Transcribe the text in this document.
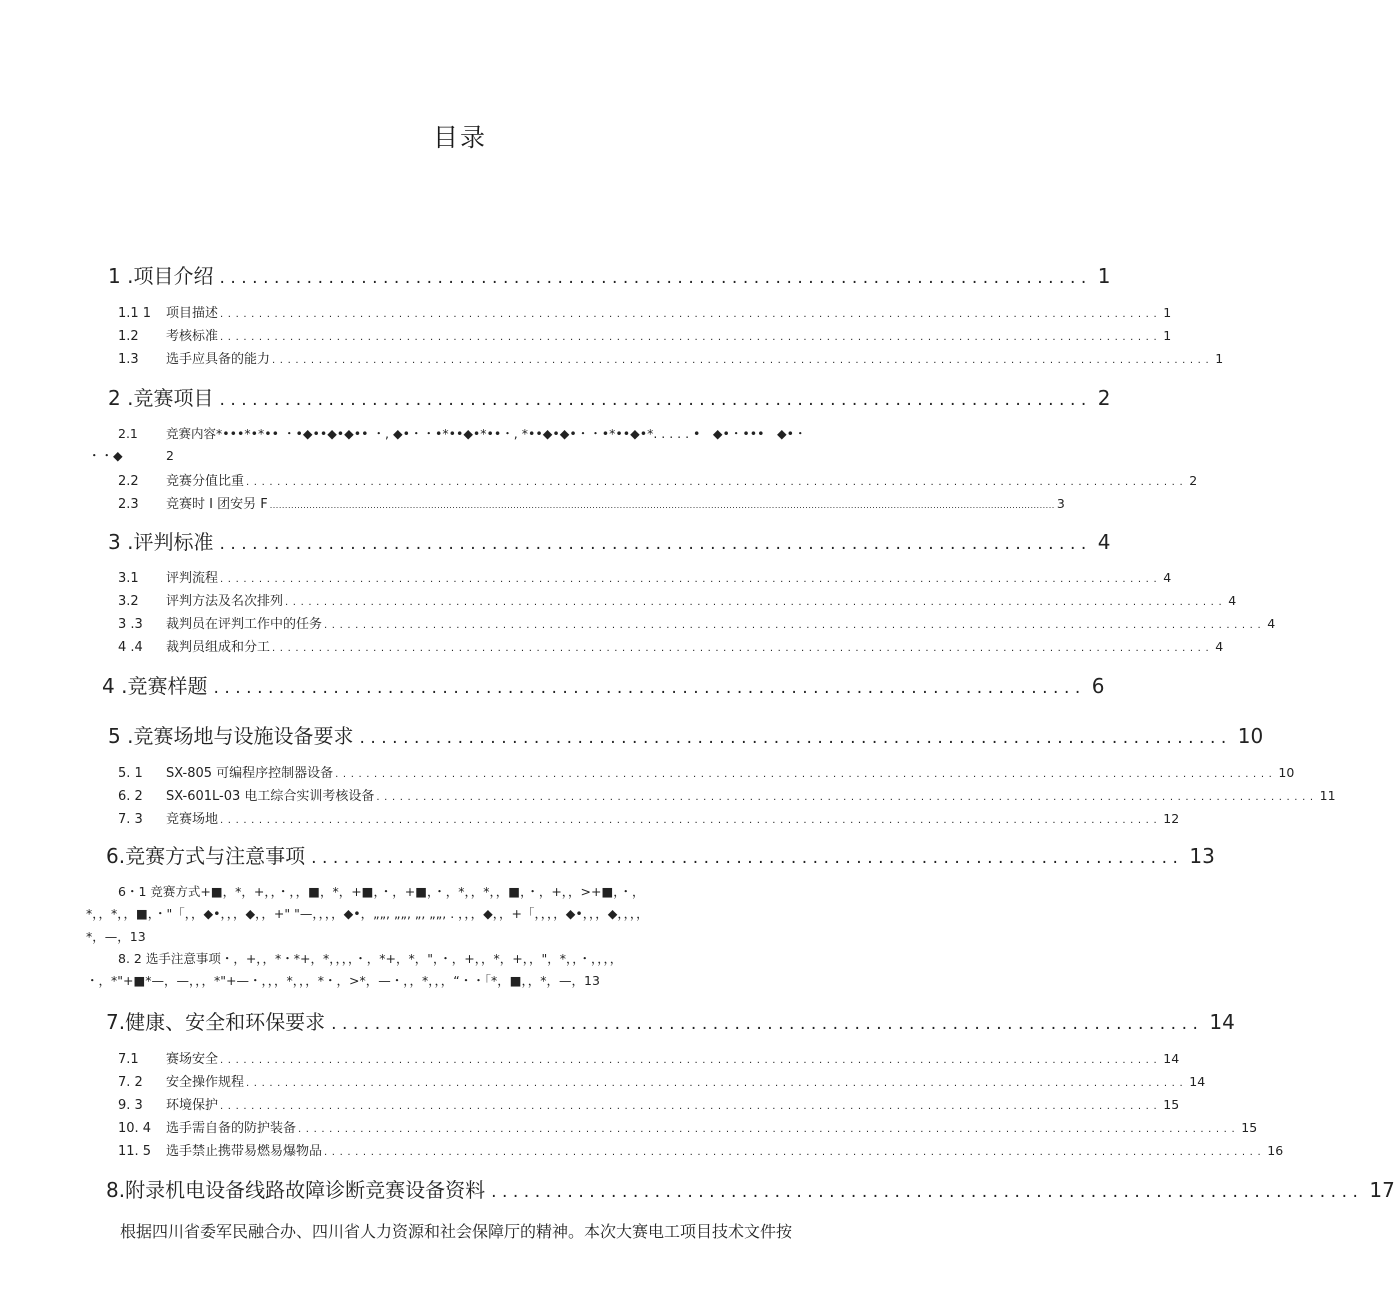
目录
1 .项目介绍 ................................................................................ 1
1.1 1 项目描述 ......................................................................................................................... 1
1.2 考核标准 ......................................................................................................................... 1
1.3 选手应具备的能力 ......................................................................................................................... 1
2 .竞赛项目 ................................................................................ 2
2.1 竞赛内容*•••*•*•• ・•◆••◆•◆•• ・, ◆•・・•*••◆•*••・, *••◆•◆•・・•*••◆•*. . . . . •　◆•・•••　◆•・
・・◆	2
2.2 竞赛分值比重 ......................................................................................................................... 2
2.3 竞赛时 I 团安另 F .................................................................................................................................................................................................................................................................. 3
3 .评判标准 ................................................................................ 4
3.1 评判流程 ......................................................................................................................... 4
3.2 评判方法及名次排列 ......................................................................................................................... 4
3 .3 裁判员在评判工作中的任务 ......................................................................................................................... 4
4 .4 裁判员组成和分工 ......................................................................................................................... 4
4 .竞赛样题 ................................................................................ 6
5 .竞赛场地与设施设备要求 ................................................................................ 10
5. 1 SX-805 可编程序控制器设备 ......................................................................................................................... 10
6. 2 SX-601L-03 电工综合实训考核设备 ......................................................................................................................... 11
7. 3 竞赛场地 ......................................................................................................................... 12
6.竞赛方式与注意事项 ................................................................................ 13
6・1 竞赛方式+■，*，+，，・，，■，*，+■，・，+■，・，*，，*，，■，・，+，，>+■，・，
*，，*，，■，・"「，，◆•，，，◆，，+" "—，，，，◆•，„„, „„, „, „„, . ，，，◆，，+「，，，，◆•，，，◆，，，，
*，—，13
8. 2 选手注意事项・，+，，*・*+，*，，，，・，*+，*，"，・，+，，*，+，，"，*，，・，，，，
・，*"+■*—，—，，，*"+—・，，，*，，，*・，>*，—・，，*，，，“・・「*，■，，*，—，13
7.健康、安全和环保要求 ................................................................................ 14
7.1 赛场安全 ......................................................................................................................... 14
7. 2 安全操作规程 ......................................................................................................................... 14
9. 3 环境保护 ......................................................................................................................... 15
10. 4 选手需自备的防护装备 ......................................................................................................................... 15
11. 5 选手禁止携带易燃易爆物品 ......................................................................................................................... 16
8.附录机电设备线路故障诊断竞赛设备资料 ................................................................................ 17
根据四川省委军民融合办、四川省人力资源和社会保障厅的精神。本次大赛电工项目技术文件按
